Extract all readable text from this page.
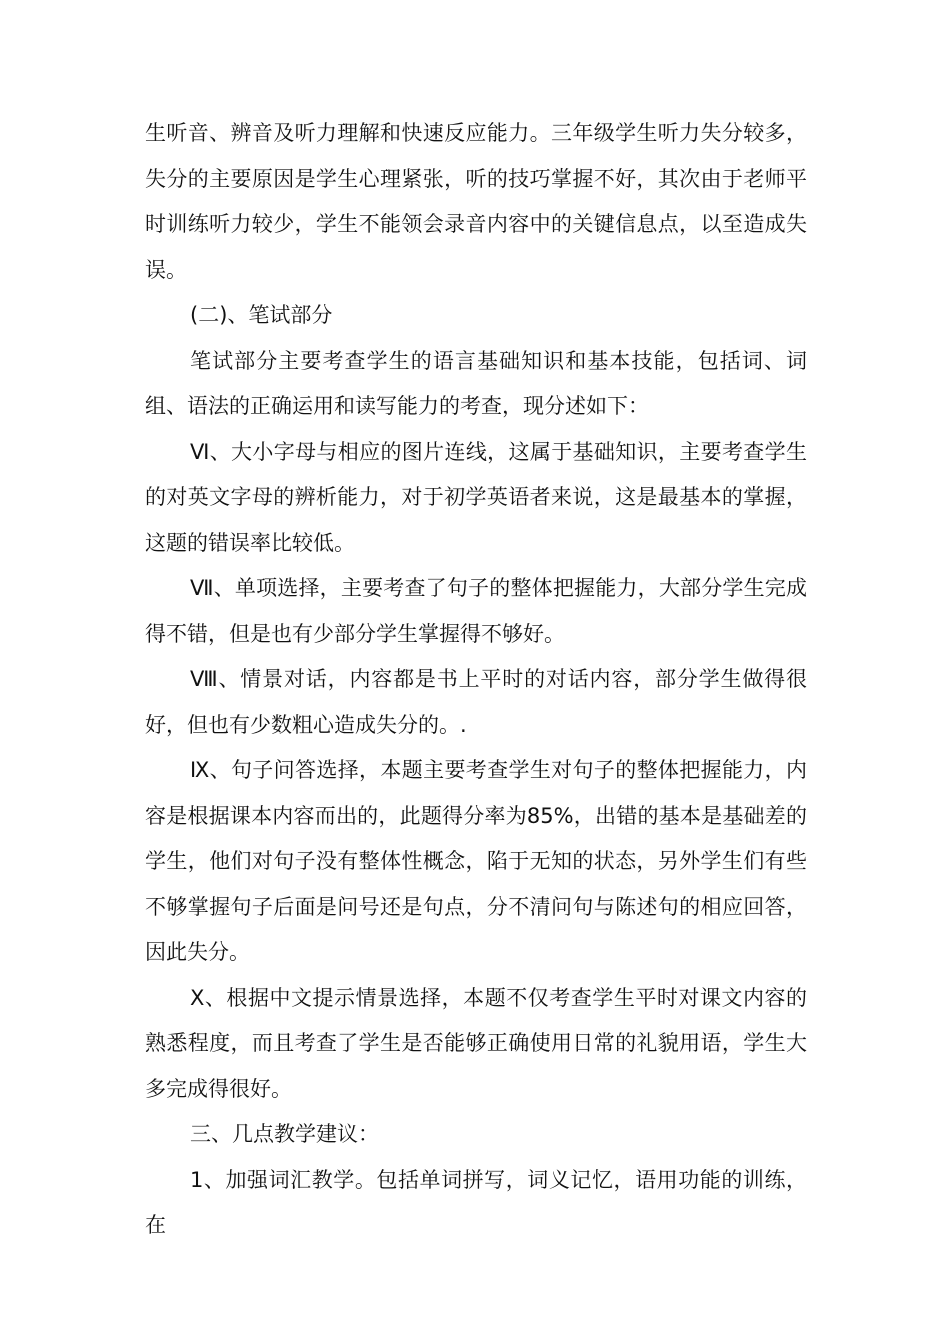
生听音、辨音及听力理解和快速反应能力。三年级学生听力失分较多，失分的主要原因是学生心理紧张，听的技巧掌握不好，其次由于老师平时训练听力较少，学生不能领会录音内容中的关键信息点，以至造成失误。

(二)、笔试部分

笔试部分主要考查学生的语言基础知识和基本技能，包括词、词组、语法的正确运用和读写能力的考查，现分述如下：

Ⅵ、大小字母与相应的图片连线，这属于基础知识，主要考查学生的对英文字母的辨析能力，对于初学英语者来说，这是最基本的掌握，这题的错误率比较低。

Ⅶ、单项选择，主要考查了句子的整体把握能力，大部分学生完成得不错，但是也有少部分学生掌握得不够好。

Ⅷ、情景对话，内容都是书上平时的对话内容，部分学生做得很好，但也有少数粗心造成失分的。.

Ⅸ、句子问答选择，本题主要考查学生对句子的整体把握能力，内容是根据课本内容而出的，此题得分率为85%，出错的基本是基础差的学生，他们对句子没有整体性概念，陷于无知的状态，另外学生们有些不够掌握句子后面是问号还是句点，分不清问句与陈述句的相应回答，因此失分。

Ⅹ、根据中文提示情景选择，本题不仅考查学生平时对课文内容的熟悉程度，而且考查了学生是否能够正确使用日常的礼貌用语，学生大多完成得很好。

三、几点教学建议：

1、加强词汇教学。包括单词拼写，词义记忆，语用功能的训练，在
